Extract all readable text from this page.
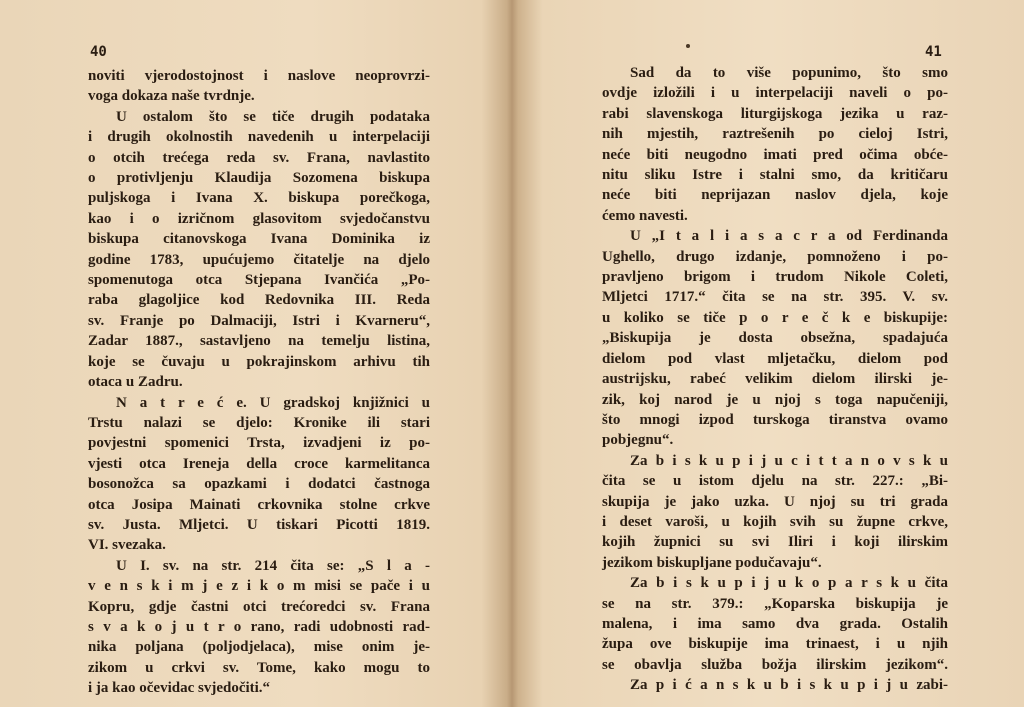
40
noviti vjerodostojnost i naslove neoprovrzi-
voga dokaza naše tvrdnje.
U ostalom što se tiče drugih podataka
i drugih okolnostih navedenih u interpelaciji
o otcih trećega reda sv. Frana, navlastito
o protivljenju Klaudija Sozomena biskupa
puljskoga i Ivana X. biskupa porečkoga,
kao i o izričnom glasovitom svjedočanstvu
biskupa citanovskoga Ivana Dominika iz
godine 1783, upućujemo čitatelje na djelo
spomenutoga otca Stjepana Ivančića „Po-
raba glagoljice kod Redovnika III. Reda
sv. Franje po Dalmaciji, Istri i Kvarneru“,
Zadar 1887., sastavljeno na temelju listina,
koje se čuvaju u pokrajinskom arhivu tih
otaca u Zadru.
N a t r e ć e. U gradskoj knjižnici u
Trstu nalazi se djelo: Kronike ili stari
povjestni spomenici Trsta, izvadjeni iz po-
vjesti otca Ireneja della croce karmelitanca
bosonožca sa opazkami i dodatci častnoga
otca Josipa Mainati crkovnika stolne crkve
sv. Justa. Mljetci. U tiskari Picotti 1819.
VI. svezaka.
U I. sv. na str. 214 čita se: „S l a -
v e n s k i m j e z i k o m misi se pače i u
Kopru, gdje častni otci trećoredci sv. Frana
s v a k o j u t r o rano, radi udobnosti rad-
nika poljana (poljodjelaca), mise onim je-
zikom u crkvi sv. Tome, kako mogu to
i ja kao očevidac svjedočiti.“
41
Sad da to više popunimo, što smo
ovdje izložili i u interpelaciji naveli o po-
rabi slavenskoga liturgijskoga jezika u raz-
nih mjestih, raztrešenih po cieloj Istri,
neće biti neugodno imati pred očima obće-
nitu sliku Istre i stalni smo, da kritičaru
neće biti neprijazan naslov djela, koje
ćemo navesti.
U „I t a l i a s a c r a od Ferdinanda
Ughello, drugo izdanje, pomnoženo i po-
pravljeno brigom i trudom Nikole Coleti,
Mljetci 1717.“ čita se na str. 395. V. sv.
u koliko se tiče p o r e č k e biskupije:
„Biskupija je dosta obsežna, spadajuća
dielom pod vlast mljetačku, dielom pod
austrijsku, rabeć velikim dielom ilirski je-
zik, koj narod je u njoj s toga napučeniji,
što mnogi izpod turskoga tiranstva ovamo
pobjegnu“.
Za b i s k u p i j u c i t t a n o v s k u
čita se u istom djelu na str. 227.: „Bi-
skupija je jako uzka. U njoj su tri grada
i deset varoši, u kojih svih su župne crkve,
kojih župnici su svi Iliri i koji ilirskim
jezikom biskupljane podučavaju“.
Za b i s k u p i j u k o p a r s k u čita
se na str. 379.: „Koparska biskupija je
malena, i ima samo dva grada. Ostalih
župa ove biskupije ima trinaest, i u njih
se obavlja služba božja ilirskim jezikom“.
Za p i ć a n s k u b i s k u p i j u zabi-
